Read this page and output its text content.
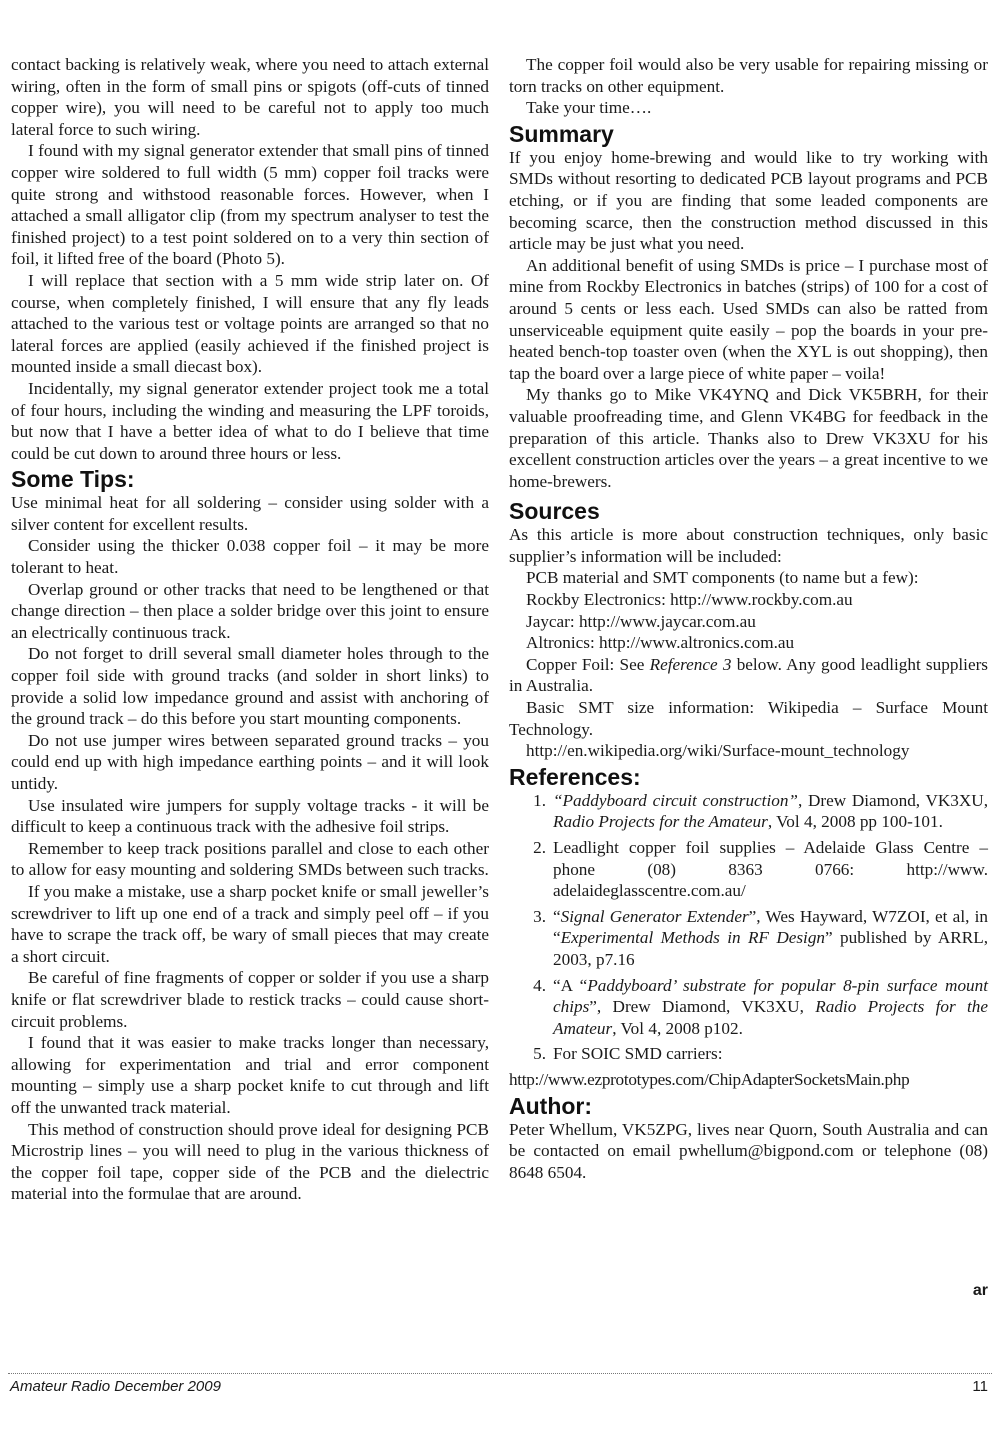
contact backing is relatively weak, where you need to attach external wiring, often in the form of small pins or spigots (off-cuts of tinned copper wire), you will need to be careful not to apply too much lateral force to such wiring.

I found with my signal generator extender that small pins of tinned copper wire soldered to full width (5 mm) copper foil tracks were quite strong and withstood reasonable forces. However, when I attached a small alligator clip (from my spectrum analyser to test the finished project) to a test point soldered on to a very thin section of foil, it lifted free of the board (Photo 5).

I will replace that section with a 5 mm wide strip later on. Of course, when completely finished, I will ensure that any fly leads attached to the various test or voltage points are arranged so that no lateral forces are applied (easily achieved if the finished project is mounted inside a small diecast box).

Incidentally, my signal generator extender project took me a total of four hours, including the winding and measuring the LPF toroids, but now that I have a better idea of what to do I believe that time could be cut down to around three hours or less.

Some Tips:

Use minimal heat for all soldering – consider using solder with a silver content for excellent results.

Consider using the thicker 0.038 copper foil – it may be more tolerant to heat.

Overlap ground or other tracks that need to be lengthened or that change direction – then place a solder bridge over this joint to ensure an electrically continuous track.

Do not forget to drill several small diameter holes through to the copper foil side with ground tracks (and solder in short links) to provide a solid low impedance ground and assist with anchoring of the ground track – do this before you start mounting components.

Do not use jumper wires between separated ground tracks – you could end up with high impedance earthing points – and it will look untidy.

Use insulated wire jumpers for supply voltage tracks - it will be difficult to keep a continuous track with the adhesive foil strips.

Remember to keep track positions parallel and close to each other to allow for easy mounting and soldering SMDs between such tracks.

If you make a mistake, use a sharp pocket knife or small jeweller’s screwdriver to lift up one end of a track and simply peel off – if you have to scrape the track off, be wary of small pieces that may create a short circuit.

Be careful of fine fragments of copper or solder if you use a sharp knife or flat screwdriver blade to restick tracks – could cause short-circuit problems.

I found that it was easier to make tracks longer than necessary, allowing for experimentation and trial and error component mounting – simply use a sharp pocket knife to cut through and lift off the unwanted track material.

This method of construction should prove ideal for designing PCB Microstrip lines – you will need to plug in the various thickness of the copper foil tape, copper side of the PCB and the dielectric material into the formulae that are around.

The copper foil would also be very usable for repairing missing or torn tracks on other equipment.

Take your time….

Summary

If you enjoy home-brewing and would like to try working with SMDs without resorting to dedicated PCB layout programs and PCB etching, or if you are finding that some leaded components are becoming scarce, then the construction method discussed in this article may be just what you need.

An additional benefit of using SMDs is price – I purchase most of mine from Rockby Electronics in batches (strips) of 100 for a cost of around 5 cents or less each. Used SMDs can also be ratted from unserviceable equipment quite easily – pop the boards in your pre-heated bench-top toaster oven (when the XYL is out shopping), then tap the board over a large piece of white paper – voila!

My thanks go to Mike VK4YNQ and Dick VK5BRH, for their valuable proofreading time, and Glenn VK4BG for feedback in the preparation of this article. Thanks also to Drew VK3XU for his excellent construction articles over the years – a great incentive to we home-brewers.

Sources

As this article is more about construction techniques, only basic supplier’s information will be included:

PCB material and SMT components (to name but a few):

Rockby Electronics: http://www.rockby.com.au

Jaycar: http://www.jaycar.com.au

Altronics: http://www.altronics.com.au

Copper Foil: See Reference 3 below. Any good leadlight suppliers in Australia.

Basic SMT size information: Wikipedia – Surface Mount Technology.

http://en.wikipedia.org/wiki/Surface-mount_technology

References:
1. “Paddyboard circuit construction”, Drew Diamond, VK3XU, Radio Projects for the Amateur, Vol 4, 2008 pp 100-101.
2. Leadlight copper foil supplies – Adelaide Glass Centre – phone (08) 8363 0766: http://www. adelaideglasscentre.com.au/
3. “Signal Generator Extender”, Wes Hayward, W7ZOI, et al, in “Experimental Methods in RF Design” published by ARRL, 2003, p7.16
4. “A “Paddyboard’ substrate for popular 8-pin surface mount chips”, Drew Diamond, VK3XU, Radio Projects for the Amateur, Vol 4, 2008 p102.
5. For SOIC SMD carriers:

http://www.ezprototypes.com/ChipAdapterSocketsMain.php

Author:

Peter Whellum, VK5ZPG, lives near Quorn, South Australia and can be contacted on email pwhellum@bigpond.com or telephone (08) 8648 6504.

ar
Amateur Radio December 2009	11
